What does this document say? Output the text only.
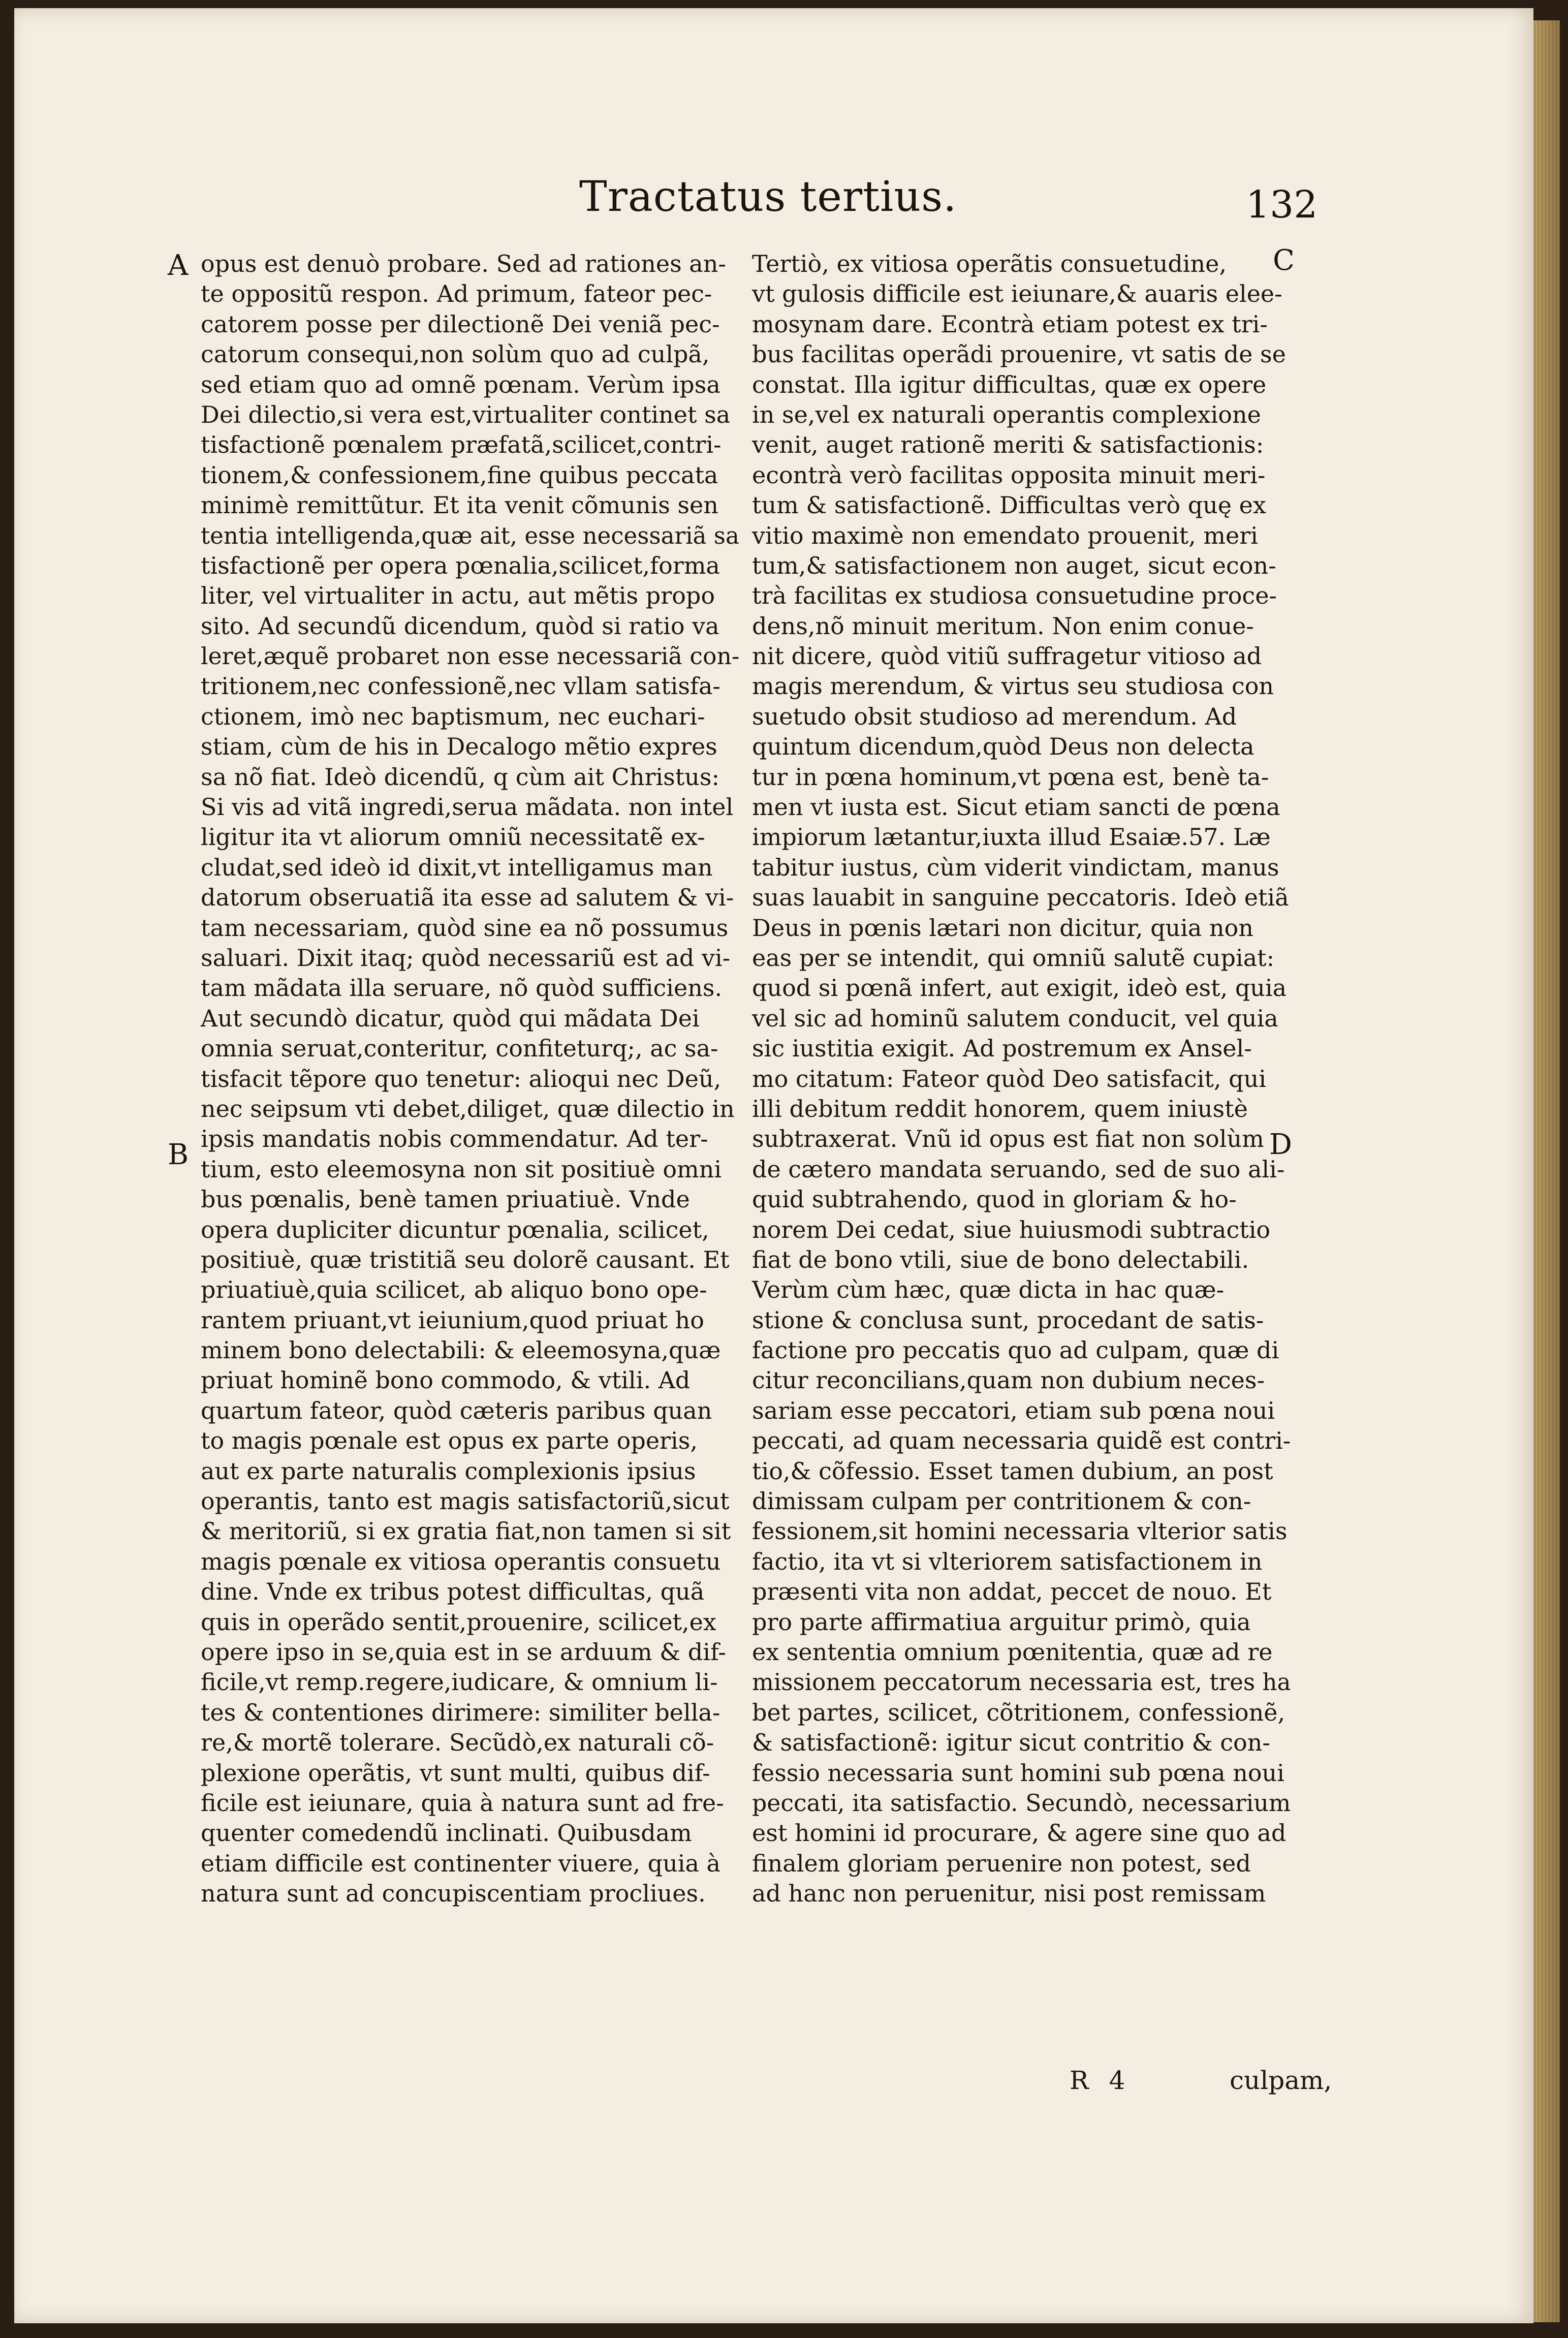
Tractatus tertius.	132
A
B
C
D
opus est denuò probare. Sed ad rationes an-
te oppositũ respon. Ad primum, fateor pec-
catorem posse per dilectionẽ Dei veniã pec-
catorum consequi,non solùm quo ad culpã,
sed etiam quo ad omnẽ pœnam. Verùm ipsa
Dei dilectio,si vera est,virtualiter continet sa
tisfactionẽ pœnalem præfatã,scilicet,contri-
tionem,& confessionem,fine quibus peccata
minimè remittũtur. Et ita venit cõmunis sen
tentia intelligenda,quæ ait, esse necessariã sa
tisfactionẽ per opera pœnalia,scilicet,forma
liter, vel virtualiter in actu, aut mẽtis propo
sito. Ad secundũ dicendum, quòd si ratio va
leret,æquẽ probaret non esse necessariã con-
tritionem,nec confessionẽ,nec vllam satisfa-
ctionem, imò nec baptismum, nec euchari-
stiam, cùm de his in Decalogo mẽtio expres
sa nõ fiat. Ideò dicendũ, q cùm ait Christus:
Si vis ad vitã ingredi,serua mãdata. non intel
ligitur ita vt aliorum omniũ necessitatẽ ex-
cludat,sed ideò id dixit,vt intelligamus man
datorum obseruatiã ita esse ad salutem & vi-
tam necessariam, quòd sine ea nõ possumus
saluari. Dixit itaq; quòd necessariũ est ad vi-
tam mãdata illa seruare, nõ quòd sufficiens.
Aut secundò dicatur, quòd qui mãdata Dei
omnia seruat,conteritur, confiteturq;, ac sa-
tisfacit tẽpore quo tenetur: alioqui nec Deũ,
nec seipsum vti debet,diliget, quæ dilectio in
ipsis mandatis nobis commendatur. Ad ter-
tium, esto eleemosyna non sit positiuè omni
bus pœnalis, benè tamen priuatiuè. Vnde
opera dupliciter dicuntur pœnalia, scilicet,
positiuè, quæ tristitiã seu dolorẽ causant. Et
priuatiuè,quia scilicet, ab aliquo bono ope-
rantem priuant,vt ieiunium,quod priuat ho
minem bono delectabili: & eleemosyna,quæ
priuat hominẽ bono commodo, & vtili. Ad
quartum fateor, quòd cæteris paribus quan
to magis pœnale est opus ex parte operis,
aut ex parte naturalis complexionis ipsius
operantis, tanto est magis satisfactoriũ,sicut
& meritoriũ, si ex gratia fiat,non tamen si sit
magis pœnale ex vitiosa operantis consuetu
dine. Vnde ex tribus potest difficultas, quã
quis in operãdo sentit,prouenire, scilicet,ex
opere ipso in se,quia est in se arduum & dif-
ficile,vt remp.regere,iudicare, & omnium li-
tes & contentiones dirimere: similiter bella-
re,& mortẽ tolerare. Secũdò,ex naturali cõ-
plexione operãtis, vt sunt multi, quibus dif-
ficile est ieiunare, quia à natura sunt ad fre-
quenter comedendũ inclinati. Quibusdam
etiam difficile est continenter viuere, quia à
natura sunt ad concupiscentiam procliues.
Tertiò, ex vitiosa operãtis consuetudine,
vt gulosis difficile est ieiunare,& auaris elee-
mosynam dare. Econtrà etiam potest ex tri-
bus facilitas operãdi prouenire, vt satis de se
constat. Illa igitur difficultas, quæ ex opere
in se,vel ex naturali operantis complexione
venit, auget rationẽ meriti & satisfactionis:
econtrà verò facilitas opposita minuit meri-
tum & satisfactionẽ. Difficultas verò quę ex
vitio maximè non emendato prouenit, meri
tum,& satisfactionem non auget, sicut econ-
trà facilitas ex studiosa consuetudine proce-
dens,nõ minuit meritum. Non enim conue-
nit dicere, quòd vitiũ suffragetur vitioso ad
magis merendum, & virtus seu studiosa con
suetudo obsit studioso ad merendum. Ad
quintum dicendum,quòd Deus non delecta
tur in pœna hominum,vt pœna est, benè ta-
men vt iusta est. Sicut etiam sancti de pœna
impiorum lætantur,iuxta illud Esaiæ.57. Læ
tabitur iustus, cùm viderit vindictam, manus
suas lauabit in sanguine peccatoris. Ideò etiã
Deus in pœnis lætari non dicitur, quia non
eas per se intendit, qui omniũ salutẽ cupiat:
quod si pœnã infert, aut exigit, ideò est, quia
vel sic ad hominũ salutem conducit, vel quia
sic iustitia exigit. Ad postremum ex Ansel-
mo citatum: Fateor quòd Deo satisfacit, qui
illi debitum reddit honorem, quem iniustè
subtraxerat. Vnũ id opus est fiat non solùm
de cætero mandata seruando, sed de suo ali-
quid subtrahendo, quod in gloriam & ho-
norem Dei cedat, siue huiusmodi subtractio
fiat de bono vtili, siue de bono delectabili.
Verùm cùm hæc, quæ dicta in hac quæ-
stione & conclusa sunt, procedant de satis-
factione pro peccatis quo ad culpam, quæ di
citur reconcilians,quam non dubium neces-
sariam esse peccatori, etiam sub pœna noui
peccati, ad quam necessaria quidẽ est contri-
tio,& cõfessio. Esset tamen dubium, an post
dimissam culpam per contritionem & con-
fessionem,sit homini necessaria vlterior satis
factio, ita vt si vlteriorem satisfactionem in
præsenti vita non addat, peccet de nouo. Et
pro parte affirmatiua arguitur primò, quia
ex sententia omnium pœnitentia, quæ ad re
missionem peccatorum necessaria est, tres ha
bet partes, scilicet, cõtritionem, confessionẽ,
& satisfactionẽ: igitur sicut contritio & con-
fessio necessaria sunt homini sub pœna noui
peccati, ita satisfactio. Secundò, necessarium
est homini id procurare, & agere sine quo ad
finalem gloriam peruenire non potest, sed
ad hanc non peruenitur, nisi post remissam
R 4	culpam,
